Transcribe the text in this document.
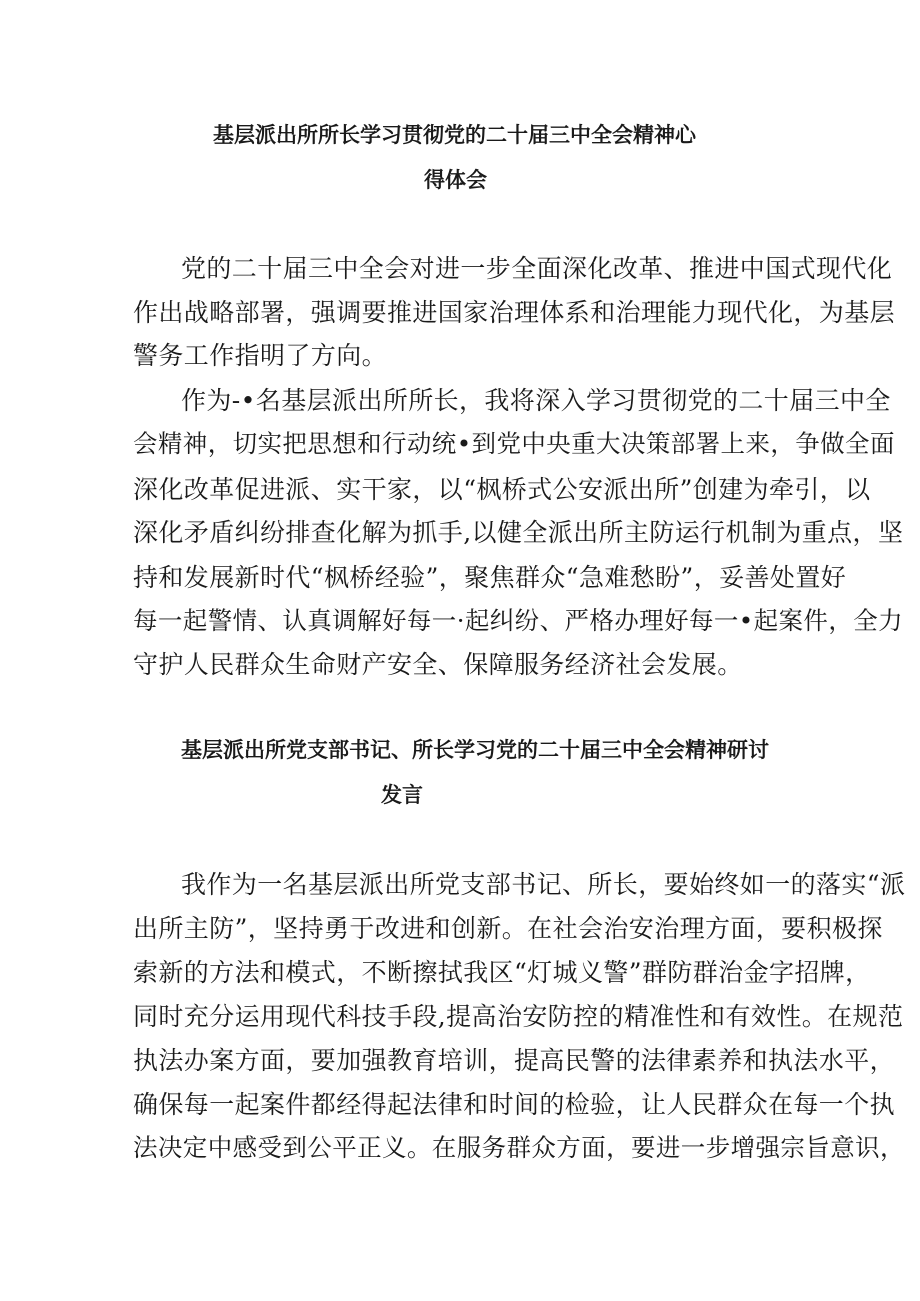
基层派出所所长学习贯彻党的二十届三中全会精神心
得体会
党的二十届三中全会对进一步全面深化改革、推进中国式现代化
作出战略部署，强调要推进国家治理体系和治理能力现代化，为基层
警务工作指明了方向。
作为-•名基层派出所所长，我将深入学习贯彻党的二十届三中全
会精神，切实把思想和行动统•到党中央重大决策部署上来，争做全面
深化改革促进派、实干家，以“枫桥式公安派出所”创建为牵引，以
深化矛盾纠纷排查化解为抓手,以健全派出所主防运行机制为重点，坚
持和发展新时代“枫桥经验”，聚焦群众“急难愁盼”，妥善处置好
每一起警情、认真调解好每一·起纠纷、严格办理好每一•起案件，全力
守护人民群众生命财产安全、保障服务经济社会发展。
基层派出所党支部书记、所长学习党的二十届三中全会精神研讨
发言
我作为一名基层派出所党支部书记、所长，要始终如一的落实“派
出所主防”，坚持勇于改进和创新。在社会治安治理方面，要积极探
索新的方法和模式，不断擦拭我区“灯城义警”群防群治金字招牌，
同时充分运用现代科技手段,提高治安防控的精准性和有效性。在规范
执法办案方面，要加强教育培训，提高民警的法律素养和执法水平，
确保每一起案件都经得起法律和时间的检验，让人民群众在每一个执
法决定中感受到公平正义。在服务群众方面，要进一步增强宗旨意识，
